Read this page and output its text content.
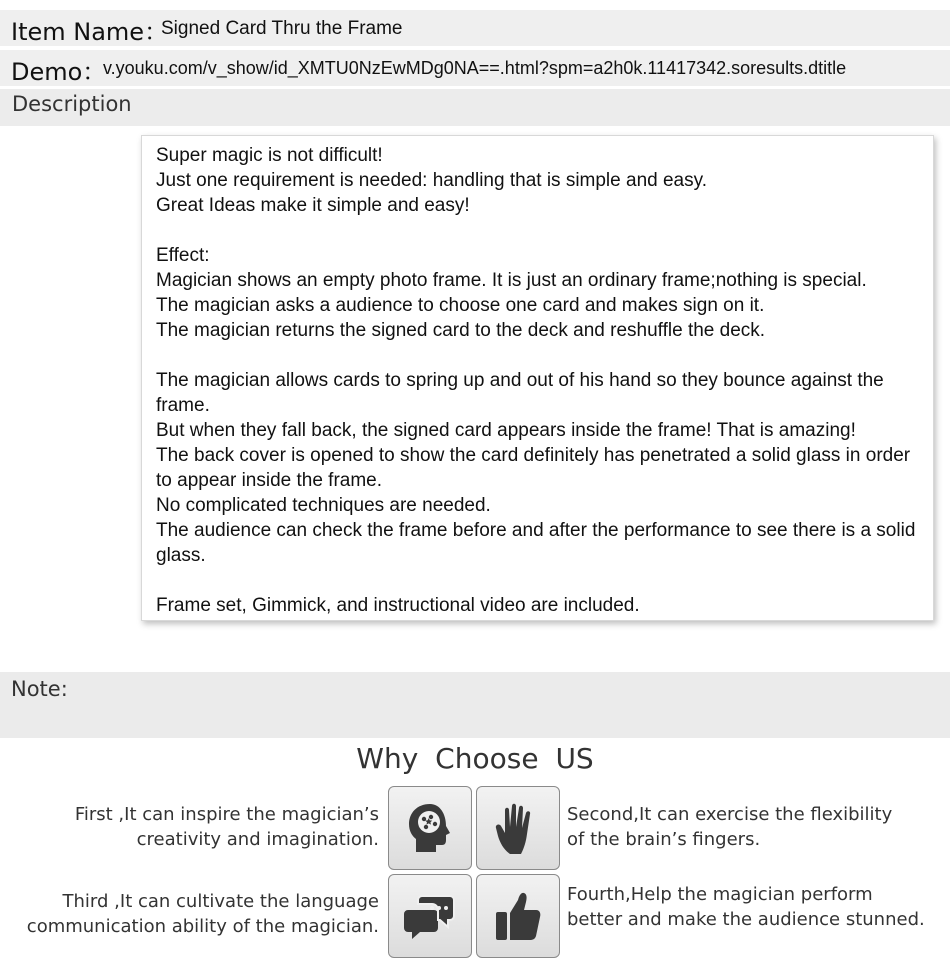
Item Name：
Signed Card Thru the Frame
Demo：
v.youku.com/v_show/id_XMTU0NzEwMDg0NA==.html?spm=a2h0k.11417342.soresults.dtitle
Description

Super magic is not difficult!

Just one requirement is needed: handling that is simple and easy.

Great Ideas make it simple and easy!

Effect:

Magician shows an empty photo frame. It is just an ordinary frame;nothing is special.

The magician asks a audience to choose one card and makes sign on it.

The magician returns the signed card to the deck and reshuffle the deck.

The magician allows cards to spring up and out of his hand so they bounce against the frame.

But when they fall back, the signed card appears inside the frame! That is amazing!

The back cover is opened to show the card definitely has penetrated a solid glass in order to appear inside the frame.

No complicated techniques are needed.

The audience can check the frame before and after the performance to see there is a solid glass.

Frame set, Gimmick, and instructional video are included.

Note:
Why Choose US
First ,It can inspire the magician’s
creativity and imagination.
Second,It can exercise the flexibility
of the brain’s fingers.
Third ,It can cultivate the language
communication ability of the magician.
Fourth,Help the magician perform
better and make the audience stunned.
